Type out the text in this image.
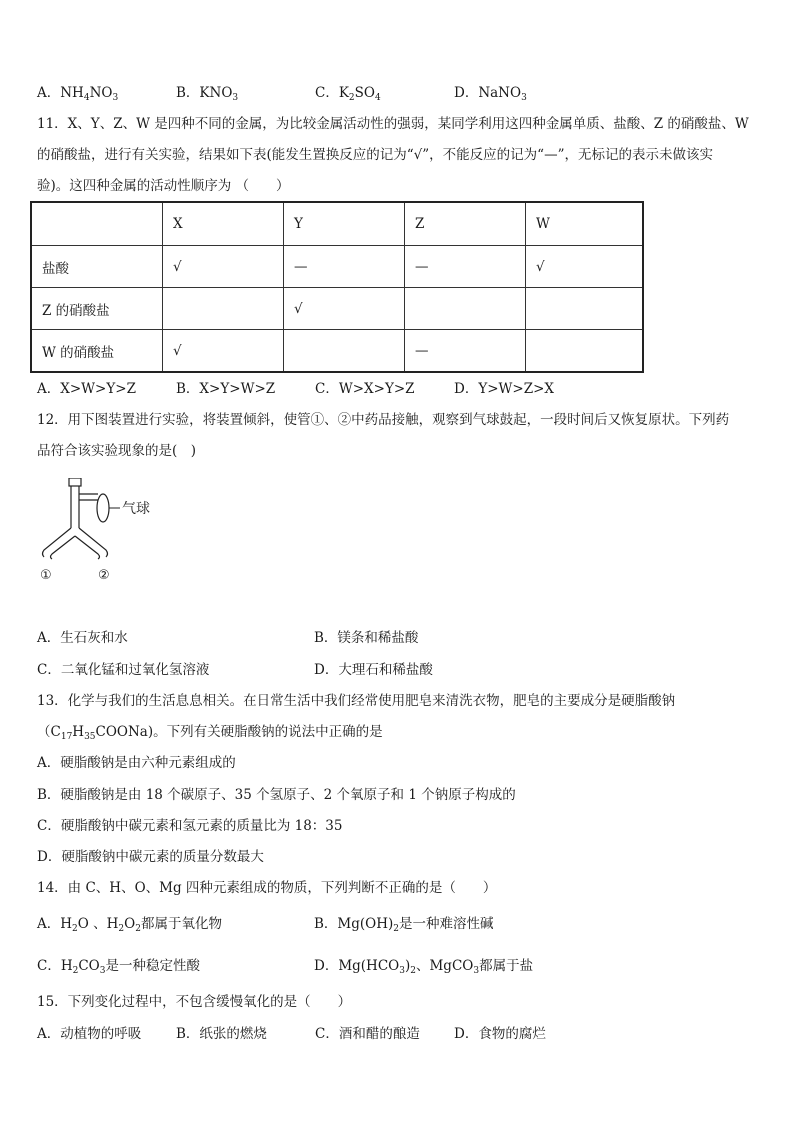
A．$NH_4NO_3$	B．$KNO_3$	C．$K_2SO_4$	D．NaNO$_3$
11．X、Y、Z、W 是四种不同的金属，为比较金属活动性的强弱，某同学利用这四种金属单质、盐酸、Z 的硝酸盐、W
的硝酸盐，进行有关实验，结果如下表(能发生置换反应的记为“√”，不能反应的记为“—”，无标记的表示未做该实
验)。这四种金属的活动性顺序为 （　　）
	X	Y	Z	W
盐酸	√	—	—	√
Z 的硝酸盐		√		
W 的硝酸盐	√		—	
A．X>W>Y>Z	B．X>Y>W>Z	C．W>X>Y>Z	D．Y>W>Z>X
12．用下图装置进行实验，将装置倾斜，使管①、②中药品接触，观察到气球鼓起，一段时间后又恢复原状。下列药
品符合该实验现象的是(　)
气球
①	②
A．生石灰和水	B．镁条和稀盐酸
C．二氧化锰和过氧化氢溶液	D．大理石和稀盐酸
13．化学与我们的生活息息相关。在日常生活中我们经常使用肥皂来清洗衣物，肥皂的主要成分是硬脂酸钠
$(C_{17}H_{35}COONa)$。下列有关硬脂酸钠的说法中正确的是
A．硬脂酸钠是由六种元素组成的
B．硬脂酸钠是由 18 个碳原子、35 个氢原子、2 个氧原子和 1 个钠原子构成的
C．硬脂酸钠中碳元素和氢元素的质量比为 18：35
D．硬脂酸钠中碳元素的质量分数最大
14．由 C、H、O、Mg 四种元素组成的物质，下列判断不正确的是（　　）
A．$H_2O$ 、$H_2O_2$都属于氧化物	B．$Mg(OH)_2$是一种难溶性碱
C．$H_2CO_3$是一种稳定性酸	D．$Mg(HCO_3)_2$、MgCO$_3$都属于盐
15．下列变化过程中，不包含缓慢氧化的是（　　）
A．动植物的呼吸	B．纸张的燃烧	C．酒和醋的酿造	D．食物的腐烂
